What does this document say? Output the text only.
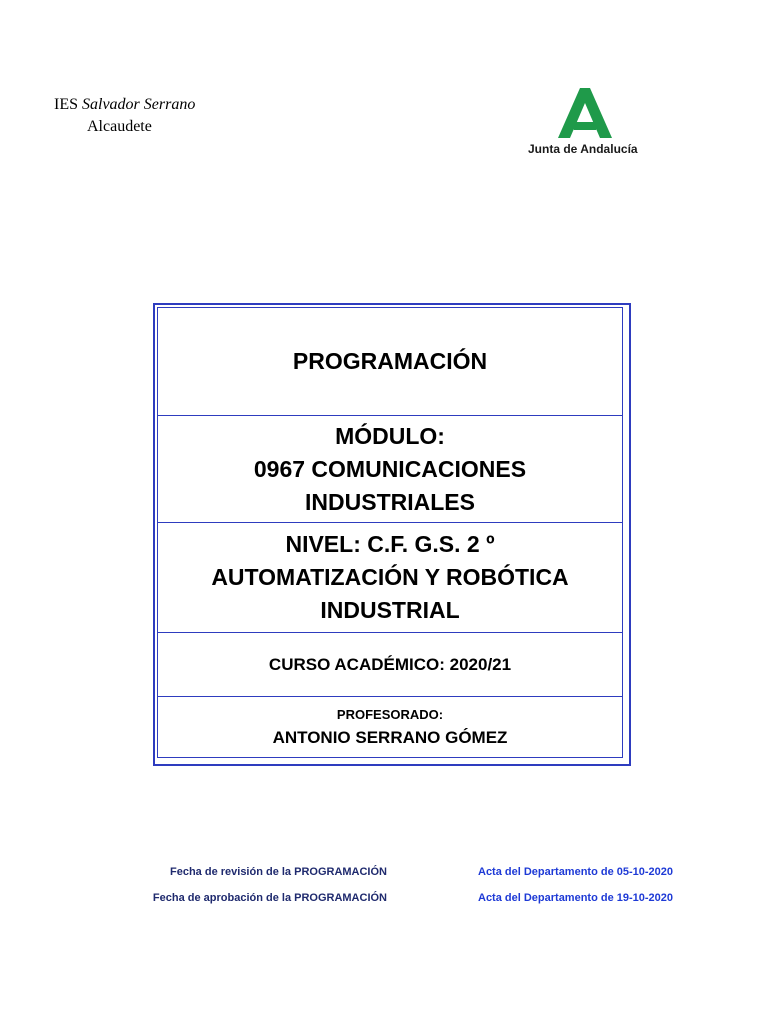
IES Salvador Serrano
Alcaudete
Junta de Andalucía
PROGRAMACIÓN
MÓDULO:
0967 COMUNICACIONES
INDUSTRIALES
NIVEL: C.F. G.S. 2 º
AUTOMATIZACIÓN Y ROBÓTICA
INDUSTRIAL
CURSO ACADÉMICO: 2020/21
PROFESORADO:
ANTONIO SERRANO GÓMEZ
Fecha de revisión de la PROGRAMACIÓN	Acta del Departamento de 05-10-2020
Fecha de aprobación de la PROGRAMACIÓN	Acta del Departamento de 19-10-2020
